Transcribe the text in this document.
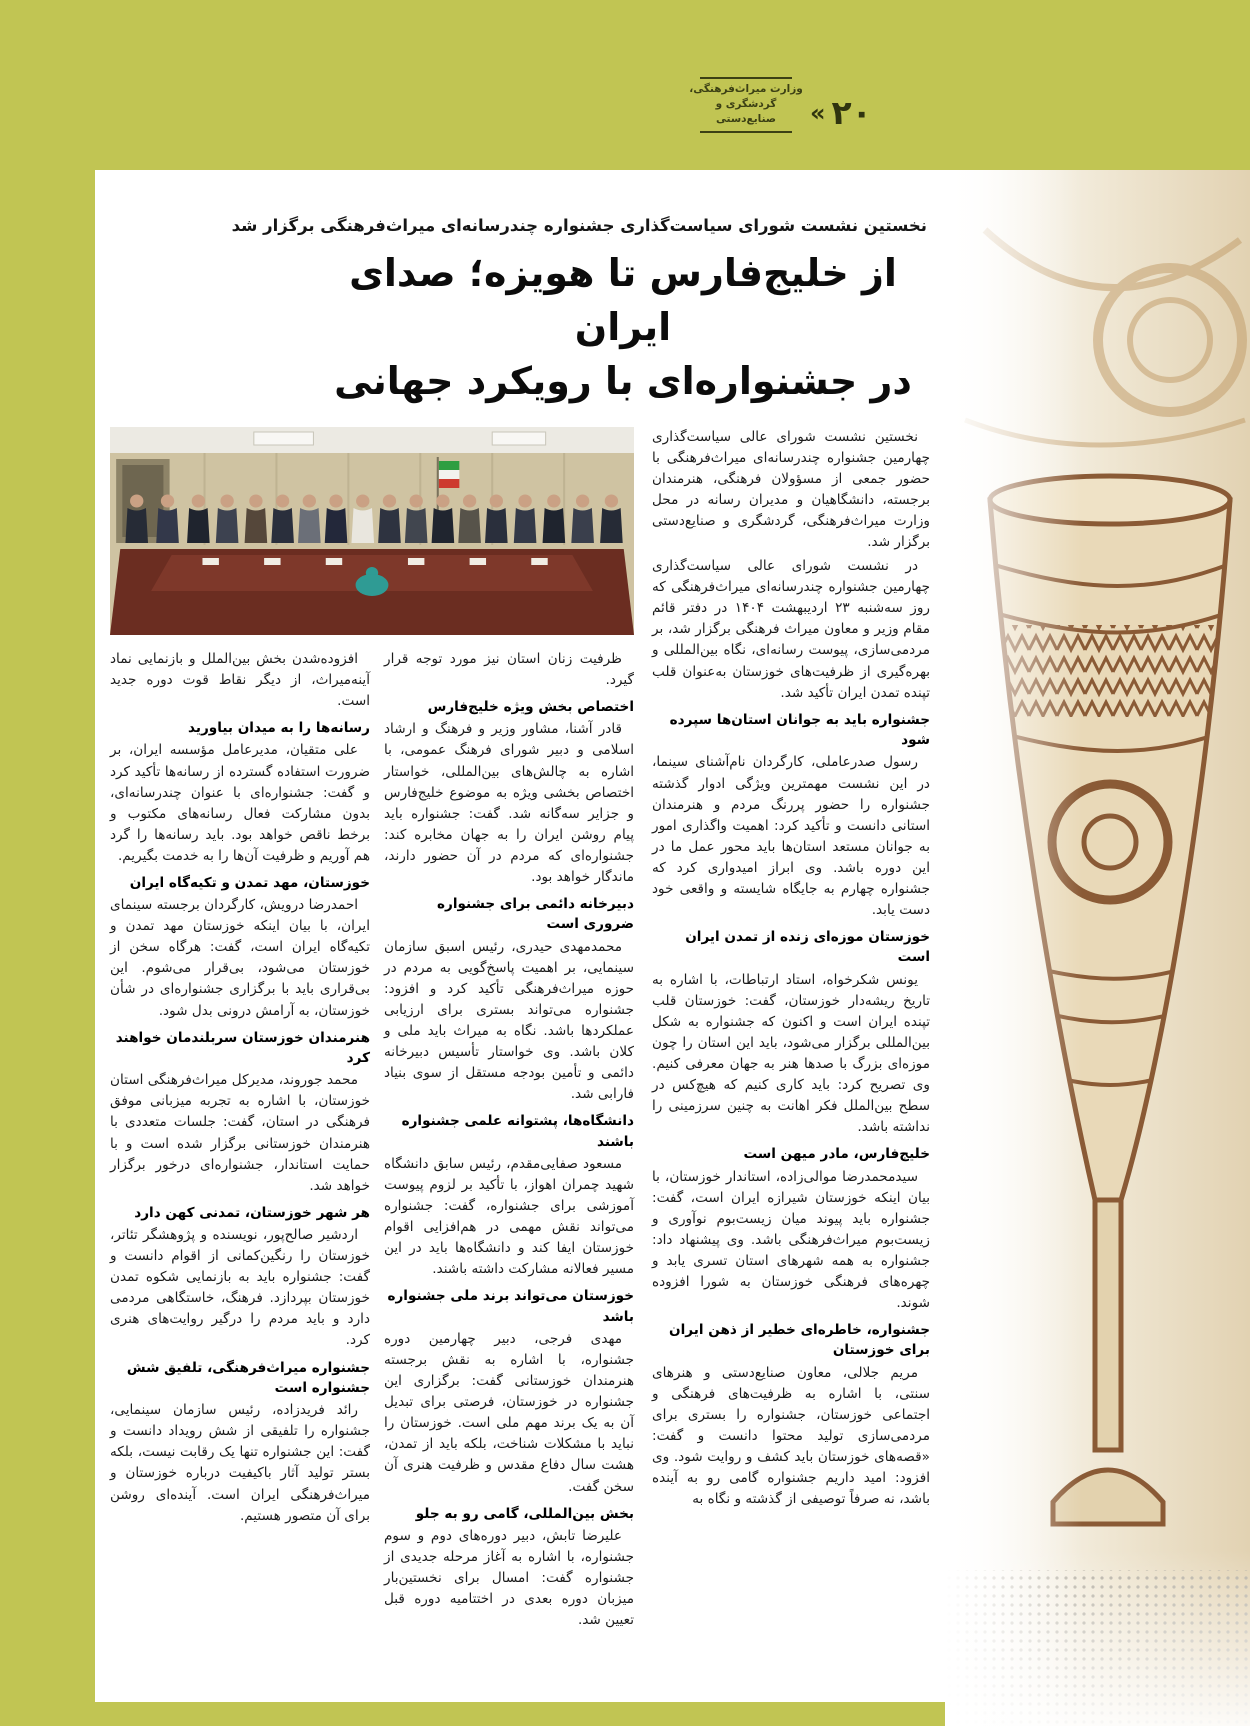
وزارت میراث‌فرهنگی، گردشگری و صنایع‌دستی	« ۲۰
نخستین نشست شورای سیاست‌گذاری جشنواره چندرسانه‌ای میراث‌فرهنگی برگزار شد
از خلیج‌فارس تا هویزه؛ صدای ایران
در جشنواره‌ای با رویکرد جهانی
نخستین نشست شورای عالی سیاست‌گذاری چهارمین جشنواره چندرسانه‌ای میراث‌فرهنگی با حضور جمعی از مسؤولان فرهنگی، هنرمندان برجسته، دانشگاهیان و مدیران رسانه در محل وزارت میراث‌فرهنگی، گردشگری و صنایع‌دستی برگزار شد.
در نشست شورای عالی سیاست‌گذاری چهارمین جشنواره چندرسانه‌ای میراث‌فرهنگی که روز سه‌شنبه ۲۳ اردیبهشت ۱۴۰۴ در دفتر قائم مقام وزیر و معاون میراث فرهنگی برگزار شد، بر مردمی‌سازی، پیوست رسانه‌ای، نگاه بین‌المللی و بهره‌گیری از ظرفیت‌های خوزستان به‌عنوان قلب تپنده تمدن ایران تأکید شد.
جشنواره باید به جوانان استان‌ها سپرده شود
رسول صدرعاملی، کارگردان نام‌آشنای سینما، در این نشست مهمترین ویژگی ادوار گذشته جشنواره را حضور پررنگ مردم و هنرمندان استانی دانست و تأکید کرد: اهمیت واگذاری امور به جوانان مستعد استان‌ها باید محور عمل ما در این دوره باشد. وی ابراز امیدواری کرد که جشنواره چهارم به جایگاه شایسته و واقعی خود دست یابد.
خوزستان موزه‌ای زنده از تمدن ایران است
یونس شکرخواه، استاد ارتباطات، با اشاره به تاریخ ریشه‌دار خوزستان، گفت: خوزستان قلب تپنده ایران است و اکنون که جشنواره به شکل بین‌المللی برگزار می‌شود، باید این استان را چون موزه‌ای بزرگ با صدها هنر به جهان معرفی کنیم. وی تصریح کرد: باید کاری کنیم که هیچ‌کس در سطح بین‌الملل فکر اهانت به چنین سرزمینی را نداشته باشد.
خلیج‌فارس، مادر میهن است
سیدمحمدرضا موالی‌زاده، استاندار خوزستان، با بیان اینکه خوزستان شیرازه ایران است، گفت: جشنواره باید پیوند میان زیست‌بوم نوآوری و زیست‌بوم میراث‌فرهنگی باشد. وی پیشنهاد داد: جشنواره به همه شهرهای استان تسری یابد و چهره‌های فرهنگی خوزستان به شورا افزوده شوند.
جشنواره، خاطره‌ای خطیر از ذهن ایران برای خوزستان
مریم جلالی، معاون صنایع‌دستی و هنرهای سنتی، با اشاره به ظرفیت‌های فرهنگی و اجتماعی خوزستان، جشنواره را بستری برای مردمی‌سازی تولید محتوا دانست و گفت: «قصه‌های خوزستان باید کشف و روایت شود. وی افزود: امید داریم جشنواره گامی رو به آینده باشد، نه صرفاً توصیفی از گذشته و نگاه به
ظرفیت زنان استان نیز مورد توجه قرار گیرد.
اختصاص بخش ویژه خلیج‌فارس
قادر آشنا، مشاور وزیر و فرهنگ و ارشاد اسلامی و دبیر شورای فرهنگ عمومی، با اشاره به چالش‌های بین‌المللی، خواستار اختصاص بخشی ویژه به موضوع خلیج‌فارس و جزایر سه‌گانه شد. گفت: جشنواره باید پیام روشن ایران را به جهان مخابره کند: جشنواره‌ای که مردم در آن حضور دارند، ماندگار خواهد بود.
دبیرخانه دائمی برای جشنواره ضروری است
محمدمهدی حیدری، رئیس اسبق سازمان سینمایی، بر اهمیت پاسخ‌گویی به مردم در حوزه میراث‌فرهنگی تأکید کرد و افزود: جشنواره می‌تواند بستری برای ارزیابی عملکردها باشد. نگاه به میراث باید ملی و کلان باشد. وی خواستار تأسیس دبیرخانه دائمی و تأمین بودجه مستقل از سوی بنیاد فارابی شد.
دانشگاه‌ها، پشتوانه علمی جشنواره باشند
مسعود صفایی‌مقدم، رئیس سابق دانشگاه شهید چمران اهواز، با تأکید بر لزوم پیوست آموزشی برای جشنواره، گفت: جشنواره می‌تواند نقش مهمی در هم‌افزایی اقوام خوزستان ایفا کند و دانشگاه‌ها باید در این مسیر فعالانه مشارکت داشته باشند.
خوزستان می‌تواند برند ملی جشنواره باشد
مهدی فرجی، دبیر چهارمین دوره جشنواره، با اشاره به نقش برجسته هنرمندان خوزستانی گفت: برگزاری این جشنواره در خوزستان، فرصتی برای تبدیل آن به یک برند مهم ملی است. خوزستان را نباید با مشکلات شناخت، بلکه باید از تمدن، هشت سال دفاع مقدس و ظرفیت هنری آن سخن گفت.
بخش بین‌المللی، گامی رو به جلو
علیرضا تابش، دبیر دوره‌های دوم و سوم جشنواره، با اشاره به آغاز مرحله جدیدی از جشنواره گفت: امسال برای نخستین‌بار میزبان دوره بعدی در اختتامیه دوره قبل تعیین شد.
افزوده‌شدن بخش بین‌الملل و بازنمایی نماد آینه‌میراث، از دیگر نقاط قوت دوره جدید است.
رسانه‌ها را به میدان بیاورید
علی متقیان، مدیرعامل مؤسسه ایران، بر ضرورت استفاده گسترده از رسانه‌ها تأکید کرد و گفت: جشنواره‌ای با عنوان چندرسانه‌ای، بدون مشارکت فعال رسانه‌های مکتوب و برخط ناقص خواهد بود. باید رسانه‌ها را گرد هم آوریم و ظرفیت آن‌ها را به خدمت بگیریم.
خوزستان، مهد تمدن و تکیه‌گاه ایران
احمدرضا درویش، کارگردان برجسته سینمای ایران، با بیان اینکه خوزستان مهد تمدن و تکیه‌گاه ایران است، گفت: هرگاه سخن از خوزستان می‌شود، بی‌قرار می‌شوم. این بی‌قراری باید با برگزاری جشنواره‌ای در شأن خوزستان، به آرامش درونی بدل شود.
هنرمندان خوزستان سربلندمان خواهند کرد
محمد جوروند، مدیرکل میراث‌فرهنگی استان خوزستان، با اشاره به تجربه میزبانی موفق فرهنگی در استان، گفت: جلسات متعددی با هنرمندان خوزستانی برگزار شده است و با حمایت استاندار، جشنواره‌ای درخور برگزار خواهد شد.
هر شهر خوزستان، تمدنی کهن دارد
اردشیر صالح‌پور، نویسنده و پژوهشگر تئاتر، خوزستان را رنگین‌کمانی از اقوام دانست و گفت: جشنواره باید به بازنمایی شکوه تمدن خوزستان بپردازد. فرهنگ، خاستگاهی مردمی دارد و باید مردم را درگیر روایت‌های هنری کرد.
جشنواره میراث‌فرهنگی، تلفیق شش جشنواره است
رائد فریدزاده، رئیس سازمان سینمایی، جشنواره را تلفیقی از شش رویداد دانست و گفت: این جشنواره تنها یک رقابت نیست، بلکه بستر تولید آثار باکیفیت درباره خوزستان و میراث‌فرهنگی ایران است. آینده‌ای روشن برای آن متصور هستیم.
